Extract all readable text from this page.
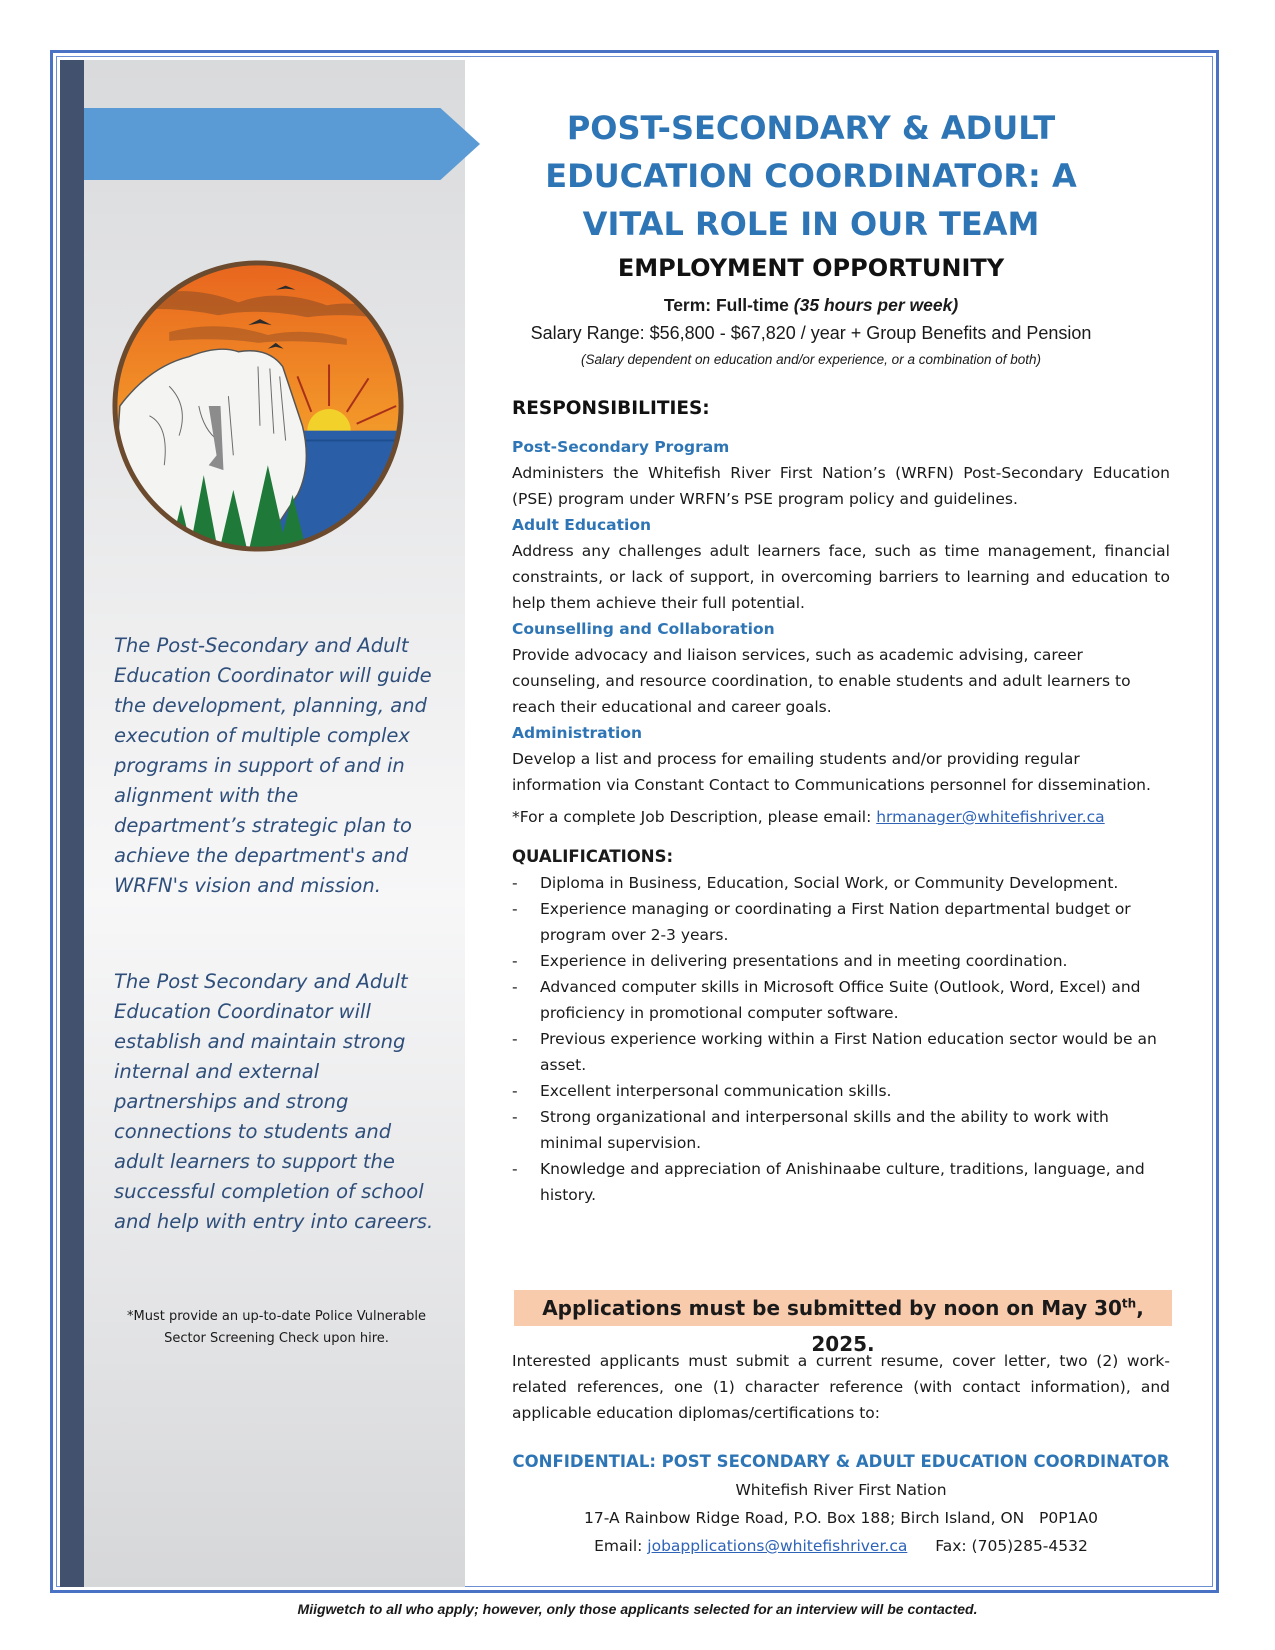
The Post-Secondary and Adult Education Coordinator will guide the development, planning, and execution of multiple complex programs in support of and in alignment with the department’s strategic plan to achieve the department's and WRFN's vision and mission.

The Post Secondary and Adult Education Coordinator will establish and maintain strong internal and external partnerships and strong connections to students and adult learners to support the successful completion of school and help with entry into careers.

*Must provide an up-to-date Police Vulnerable Sector Screening Check upon hire.

POST-SECONDARY & ADULT EDUCATION COORDINATOR: A VITAL ROLE IN OUR TEAM
EMPLOYMENT OPPORTUNITY
Term: Full-time (35 hours per week)
Salary Range: $56,800 - $67,820 / year + Group Benefits and Pension
(Salary dependent on education and/or experience, or a combination of both)

RESPONSIBILITIES:

Post-Secondary Program

Administers the Whitefish River First Nation’s (WRFN) Post-Secondary Education (PSE) program under WRFN’s PSE program policy and guidelines.

Adult Education

Address any challenges adult learners face, such as time management, financial constraints, or lack of support, in overcoming barriers to learning and education to help them achieve their full potential.

Counselling and Collaboration

Provide advocacy and liaison services, such as academic advising, career counseling, and resource coordination, to enable students and adult learners to reach their educational and career goals.

Administration

Develop a list and process for emailing students and/or providing regular information via Constant Contact to Communications personnel for dissemination.

*For a complete Job Description, please email: hrmanager@whitefishriver.ca

QUALIFICATIONS:

- Diploma in Business, Education, Social Work, or Community Development.
- Experience managing or coordinating a First Nation departmental budget or program over 2-3 years.
- Experience in delivering presentations and in meeting coordination.
- Advanced computer skills in Microsoft Office Suite (Outlook, Word, Excel) and proficiency in promotional computer software.
- Previous experience working within a First Nation education sector would be an asset.
- Excellent interpersonal communication skills.
- Strong organizational and interpersonal skills and the ability to work with minimal supervision.
- Knowledge and appreciation of Anishinaabe culture, traditions, language, and history.
Applications must be submitted by noon on May 30th, 2025.

Interested applicants must submit a current resume, cover letter, two (2) work-related references, one (1) character reference (with contact information), and applicable education diplomas/certifications to:

CONFIDENTIAL: POST SECONDARY & ADULT EDUCATION COORDINATOR

Whitefish River First Nation

17-A Rainbow Ridge Road, P.O. Box 188; Birch Island, ON   P0P1A0

Email: jobapplications@whitefishriver.ca Fax: (705)285-4532

Miigwetch to all who apply; however, only those applicants selected for an interview will be contacted.
